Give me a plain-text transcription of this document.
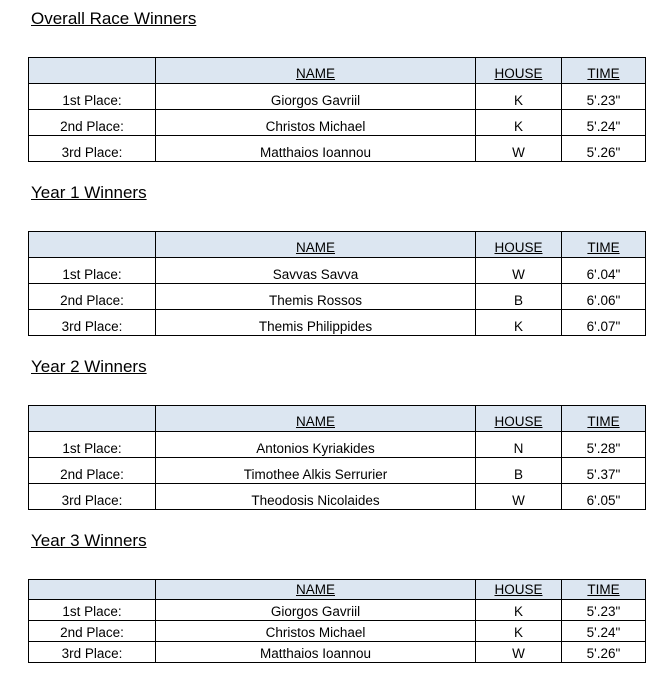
Overall Race Winners
	NAME	HOUSE	TIME
1st Place:	Giorgos Gavriil	K	5'.23"
2nd Place:	Christos Michael	K	5'.24"
3rd Place:	Matthaios Ioannou	W	5'.26"
Year 1 Winners
	NAME	HOUSE	TIME
1st Place:	Savvas Savva	W	6'.04"
2nd Place:	Themis Rossos	B	6'.06"
3rd Place:	Themis Philippides	K	6'.07"
Year 2 Winners
	NAME	HOUSE	TIME
1st Place:	Antonios Kyriakides	N	5'.28"
2nd Place:	Timothee Alkis Serrurier	B	5'.37"
3rd Place:	Theodosis Nicolaides	W	6'.05"
Year 3 Winners
	NAME	HOUSE	TIME
1st Place:	Giorgos Gavriil	K	5'.23"
2nd Place:	Christos Michael	K	5'.24"
3rd Place:	Matthaios Ioannou	W	5'.26"
